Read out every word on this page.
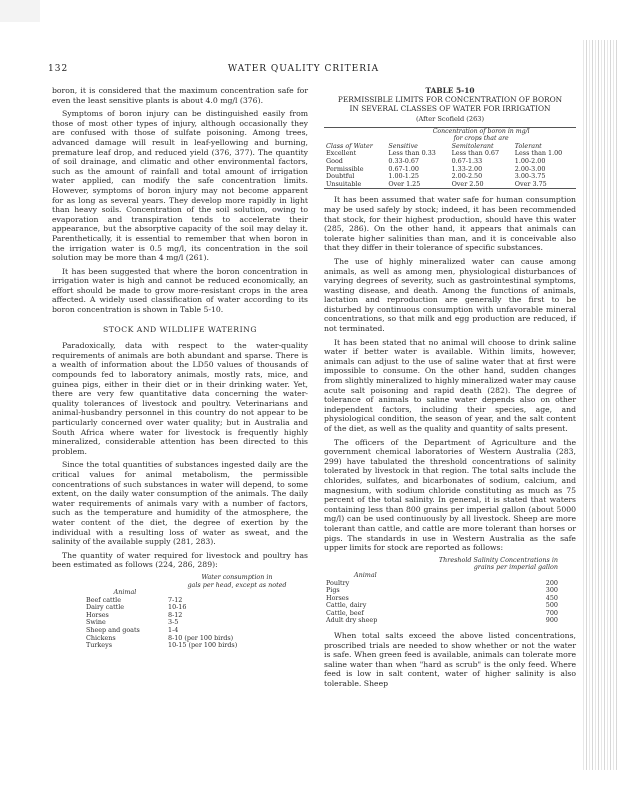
132	WATER QUALITY CRITERIA

boron, it is considered that the maximum concentration safe for even the least sensitive plants is about 4.0 mg/l (376).

Symptoms of boron injury can be distinguished easily from those of most other types of injury, although occasionally they are confused with those of sulfate poisoning. Among trees, advanced damage will result in leaf-yellowing and burning, premature leaf drop, and reduced yield (376, 377). The quantity of soil drainage, and climatic and other environmental factors, such as the amount of rainfall and total amount of irrigation water applied, can modify the safe concentration limits. However, symptoms of boron injury may not become apparent for as long as several years. They develop more rapidly in light than heavy soils. Concentration of the soil solution, owing to evaporation and transpiration tends to accelerate their appearance, but the absorptive capacity of the soil may delay it. Parenthetically, it is essential to remember that when boron in the irrigation water is 0.5 mg/l, its concentration in the soil solution may be more than 4 mg/l (261).

It has been suggested that where the boron concentration in irrigation water is high and cannot be reduced economically, an effort should be made to grow more-resistant crops in the area affected. A widely used classification of water according to its boron concentration is shown in Table 5-10.

STOCK AND WILDLIFE WATERING

Paradoxically, data with respect to the water-quality requirements of animals are both abundant and sparse. There is a wealth of information about the LD50 values of thousands of compounds fed to laboratory animals, mostly rats, mice, and guinea pigs, either in their diet or in their drinking water. Yet, there are very few quantitative data concerning the water-quality tolerances of livestock and poultry. Veterinarians and animal-husbandry personnel in this country do not appear to be particularly concerned over water quality; but in Australia and South Africa where water for livestock is frequently highly mineralized, considerable attention has been directed to this problem.

Since the total quantities of substances ingested daily are the critical values for animal metabolism, the permissible concentrations of such substances in water will depend, to some extent, on the daily water consumption of the animals. The daily water requirements of animals vary with a number of factors, such as the temperature and humidity of the atmosphere, the water content of the diet, the degree of exertion by the individual with a resulting loss of water as sweat, and the salinity of the available supply (281, 283).

The quantity of water required for livestock and poultry has been estimated as follows (224, 286, 289):

	Water consumption in
gals per head, except as noted

Animal	
Beef cattle	7-12
Dairy cattle	10-16
Horses	8-12
Swine	3-5
Sheep and goats	1-4
Chickens	8-10 (per 100 birds)
Turkeys	10-15 (per 100 birds)
TABLE 5-10
PERMISSIBLE LIMITS FOR CONCENTRATION OF BORON
IN SEVERAL CLASSES OF WATER FOR IRRIGATION
(After Scofield (263)

	Concentration of boron in mg/l
for crops that are		

Class of Water	Sensitive	Semitolerant	Tolerant
Excellent	Less than 0.33	Less than 0.67	Less than 1.00
Good	0.33-0.67	0.67-1.33	1.00-2.00
Permissible	0.67-1.00	1.33-2.00	2.00-3.00
Doubtful	1.00-1.25	2.00-2.50	3.00-3.75
Unsuitable	Over 1.25	Over 2.50	Over 3.75

It has been assumed that water safe for human consumption may be used safely by stock; indeed, it has been recommended that stock, for their highest production, should have this water (285, 286). On the other hand, it appears that animals can tolerate higher salinities than man, and it is conceivable also that they differ in their tolerance of specific substances.

The use of highly mineralized water can cause among animals, as well as among men, physiological disturbances of varying degrees of severity, such as gastrointestinal symptoms, wasting disease, and death. Among the functions of animals, lactation and reproduction are generally the first to be disturbed by continuous consumption with unfavorable mineral concentrations, so that milk and egg production are reduced, if not terminated.

It has been stated that no animal will choose to drink saline water if better water is available. Within limits, however, animals can adjust to the use of saline water that at first were impossible to consume. On the other hand, sudden changes from slightly mineralized to highly mineralized water may cause acute salt poisoning and rapid death (282). The degree of tolerance of animals to saline water depends also on other independent factors, including their species, age, and physiological condition, the season of year, and the salt content of the diet, as well as the quality and quantity of salts present.

The officers of the Department of Agriculture and the government chemical laboratories of Western Australia (283, 299) have tabulated the threshold concentrations of salinity tolerated by livestock in that region. The total salts include the chlorides, sulfates, and bicarbonates of sodium, calcium, and magnesium, with sodium chloride constituting as much as 75 percent of the total salinity. In general, it is stated that waters containing less than 800 grains per imperial gallon (about 5000 mg/l) can be used continuously by all livestock. Sheep are more tolerant than cattle, and cattle are more tolerant than horses or pigs. The standards in use in Western Australia as the safe upper limits for stock are reported as follows:

	Threshold Salinity Concentrations in
grains per imperial gallon

Animal	
Poultry	200
Pigs	300
Horses	450
Cattle, dairy	500
Cattle, beef	700
Adult dry sheep	900

When total salts exceed the above listed concentrations, proscribed trials are needed to show whether or not the water is safe. When green feed is available, animals can tolerate more saline water than when "hard as scrub" is the only feed. Where feed is low in salt content, water of higher salinity is also tolerable. Sheep
